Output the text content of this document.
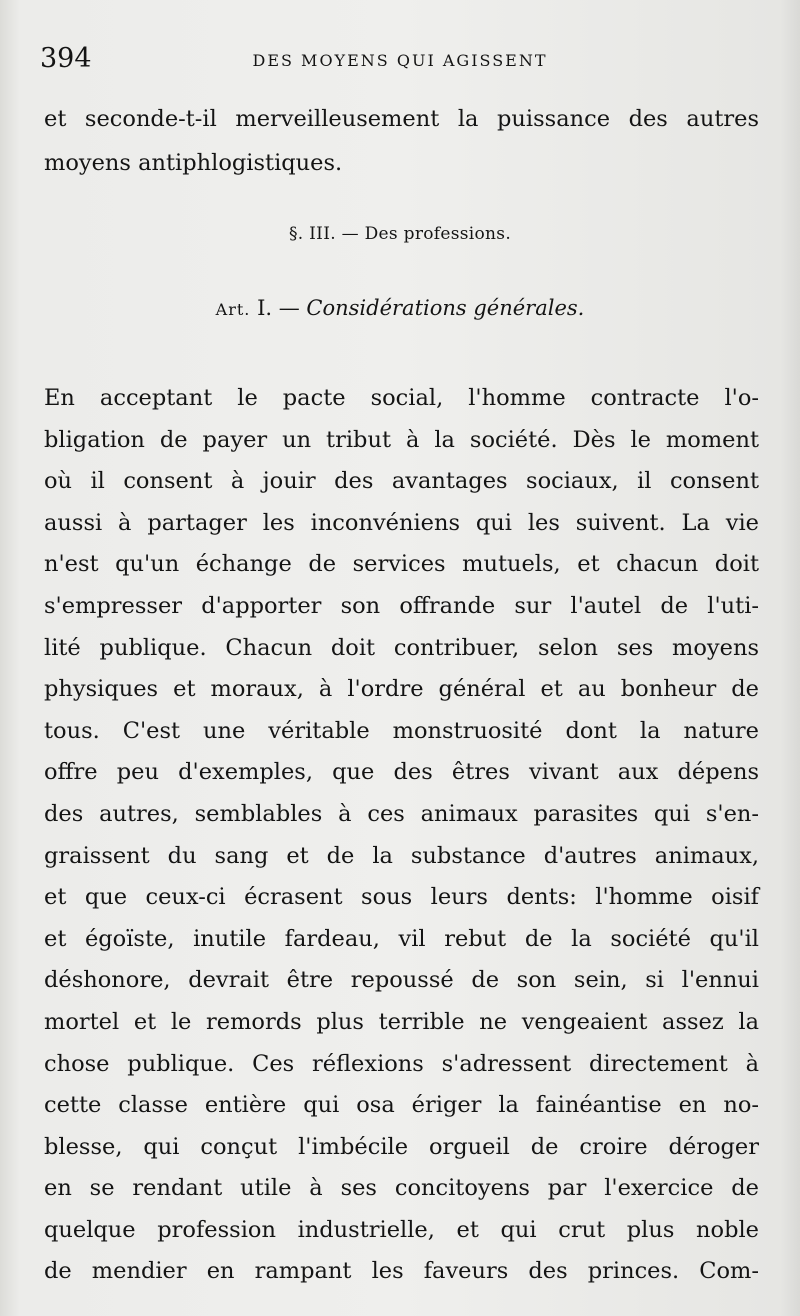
394	DES MOYENS QUI AGISSENT
et seconde-t-il merveilleusement la puissance des autres
moyens antiphlogistiques.
§. III. — Des professions.
Art. I. — Considérations générales.
En acceptant le pacte social, l'homme contracte l'o-
bligation de payer un tribut à la société. Dès le moment
où il consent à jouir des avantages sociaux, il consent
aussi à partager les inconvéniens qui les suivent. La vie
n'est qu'un échange de services mutuels, et chacun doit
s'empresser d'apporter son offrande sur l'autel de l'uti-
lité publique. Chacun doit contribuer, selon ses moyens
physiques et moraux, à l'ordre général et au bonheur de
tous. C'est une véritable monstruosité dont la nature
offre peu d'exemples, que des êtres vivant aux dépens
des autres, semblables à ces animaux parasites qui s'en-
graissent du sang et de la substance d'autres animaux,
et que ceux-ci écrasent sous leurs dents: l'homme oisif
et égoïste, inutile fardeau, vil rebut de la société qu'il
déshonore, devrait être repoussé de son sein, si l'ennui
mortel et le remords plus terrible ne vengeaient assez la
chose publique. Ces réflexions s'adressent directement à
cette classe entière qui osa ériger la fainéantise en no-
blesse, qui conçut l'imbécile orgueil de croire déroger
en se rendant utile à ses concitoyens par l'exercice de
quelque profession industrielle, et qui crut plus noble
de mendier en rampant les faveurs des princes. Com-
